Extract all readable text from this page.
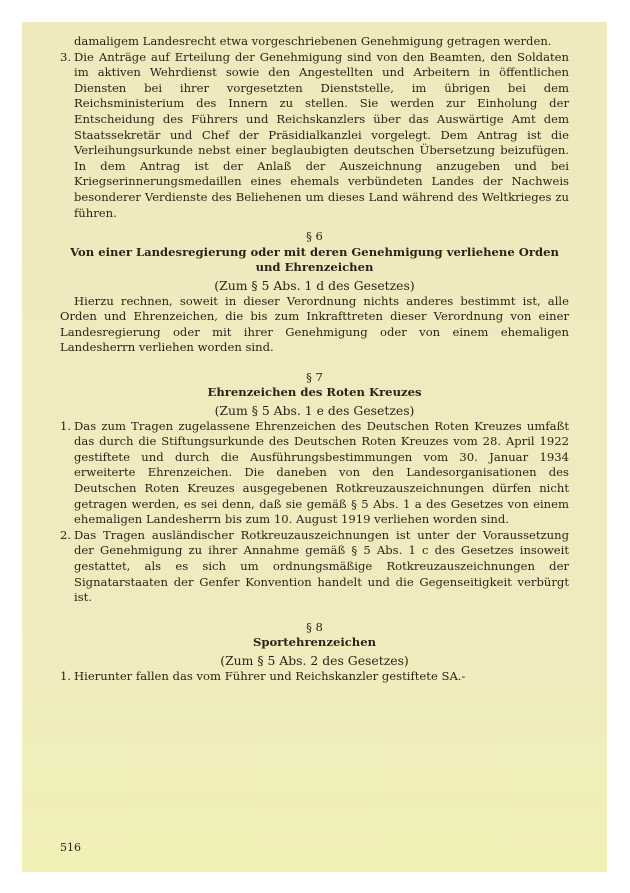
damaligem Landesrecht etwa vorgeschriebenen Genehmigung getragen werden.

3. Die Anträge auf Erteilung der Genehmigung sind von den Beamten, den Soldaten im aktiven Wehrdienst sowie den Angestellten und Arbeitern in öffentlichen Diensten bei ihrer vorgesetzten Dienststelle, im übrigen bei dem Reichsministerium des Innern zu stellen. Sie werden zur Einholung der Entscheidung des Führers und Reichskanzlers über das Auswärtige Amt dem Staatssekretär und Chef der Präsidialkanzlei vorgelegt. Dem Antrag ist die Verleihungsurkunde nebst einer beglaubigten deutschen Übersetzung beizufügen. In dem Antrag ist der Anlaß der Auszeichnung anzugeben und bei Kriegserinnerungsmedaillen eines ehemals verbündeten Landes der Nachweis besonderer Verdienste des Beliehenen um dieses Land während des Weltkrieges zu führen.
§ 6
Von einer Landesregierung oder mit deren Genehmigung verliehene Orden und Ehrenzeichen
(Zum § 5 Abs. 1 d des Gesetzes)

Hierzu rechnen, soweit in dieser Verordnung nichts anderes bestimmt ist, alle Orden und Ehrenzeichen, die bis zum Inkrafttreten dieser Verordnung von einer Landesregierung oder mit ihrer Genehmigung oder von einem ehemaligen Landesherrn verliehen worden sind.

§ 7
Ehrenzeichen des Roten Kreuzes
(Zum § 5 Abs. 1 e des Gesetzes)
1. Das zum Tragen zugelassene Ehrenzeichen des Deutschen Roten Kreuzes umfaßt das durch die Stiftungsurkunde des Deutschen Roten Kreuzes vom 28. April 1922 gestiftete und durch die Ausführungsbestimmungen vom 30. Januar 1934 erweiterte Ehrenzeichen. Die daneben von den Landesorganisationen des Deutschen Roten Kreuzes ausgegebenen Rotkreuzauszeichnungen dürfen nicht getragen werden, es sei denn, daß sie gemäß § 5 Abs. 1 a des Gesetzes von einem ehemaligen Landesherrn bis zum 10. August 1919 verliehen worden sind.
2. Das Tragen ausländischer Rotkreuzauszeichnungen ist unter der Voraussetzung der Genehmigung zu ihrer Annahme gemäß § 5 Abs. 1 c des Gesetzes insoweit gestattet, als es sich um ordnungsmäßige Rotkreuzauszeichnungen der Signatarstaaten der Genfer Konvention handelt und die Gegenseitigkeit verbürgt ist.
§ 8
Sportehrenzeichen
(Zum § 5 Abs. 2 des Gesetzes)
1. Hierunter fallen das vom Führer und Reichskanzler gestiftete SA.-
516
